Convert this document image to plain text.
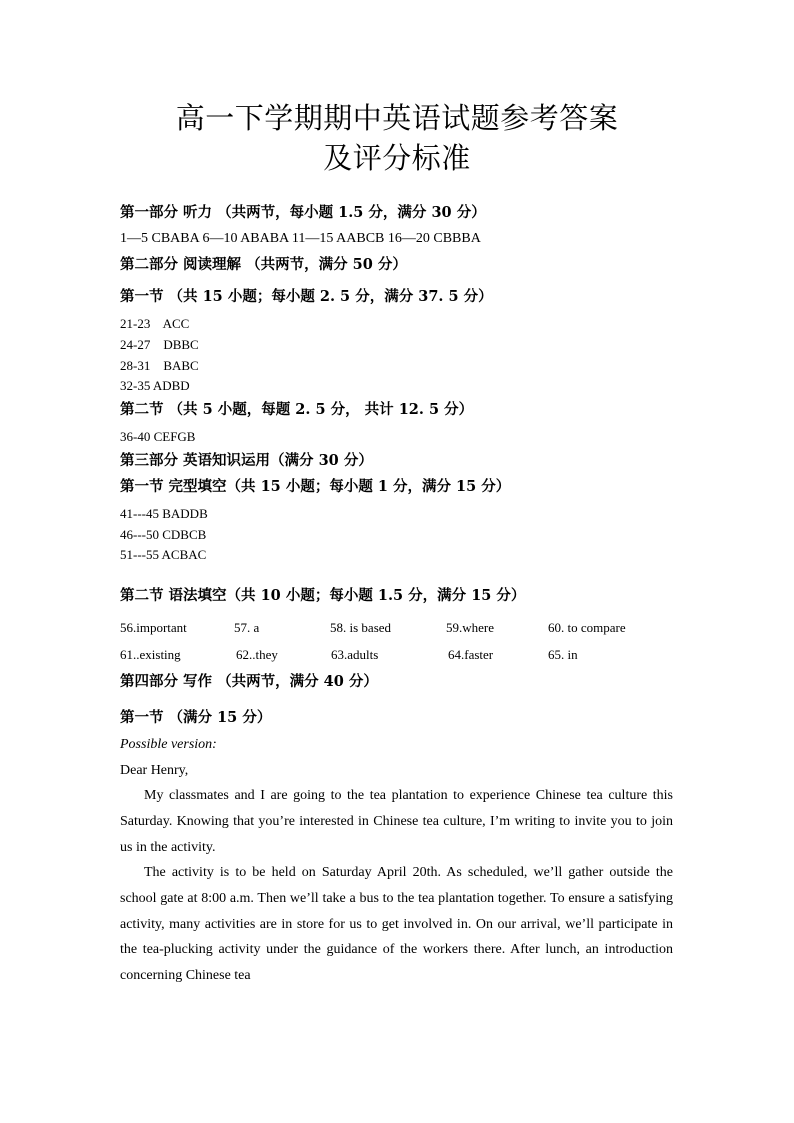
高一下学期期中英语试题参考答案
及评分标准
第一部分 听力 （共两节，每小题 1.5 分，满分 30 分）
1—5 CBABA 6—10 ABABA 11—15 AABCB 16—20 CBBBA
第二部分 阅读理解 （共两节，满分 50 分）
第一节 （共 15 小题；每小题 2. 5 分，满分 37. 5 分）
21-23    ACC
24-27    DBBC
28-31    BABC
32-35 ADBD
第二节 （共 5 小题，每题 2. 5 分， 共计 12. 5 分）
36-40 CEFGB
第三部分 英语知识运用（满分 30 分）
第一节 完型填空（共 15 小题；每小题 1 分，满分 15 分）
41---45 BADDB
46---50 CDBCB
51---55 ACBAC
第二节 语法填空（共 10 小题；每小题 1.5 分，满分 15 分）
56.important	57. a	58. is based	59.where	60. to compare
61..existing	62..they	63.adults	64.faster	65. in
第四部分 写作 （共两节，满分 40 分）
第一节 （满分 15 分）
Possible version:
Dear Henry,
My classmates and I are going to the tea plantation to experience Chinese tea culture this Saturday. Knowing that you’re interested in Chinese tea culture, I’m writing to invite you to join us in the activity.
The activity is to be held on Saturday April 20th. As scheduled, we’ll gather outside the school gate at 8:00 a.m. Then we’ll take a bus to the tea plantation together. To ensure a satisfying activity, many activities are in store for us to get involved in. On our arrival, we’ll participate in the tea-plucking activity under the guidance of the workers there. After lunch, an introduction concerning Chinese tea
